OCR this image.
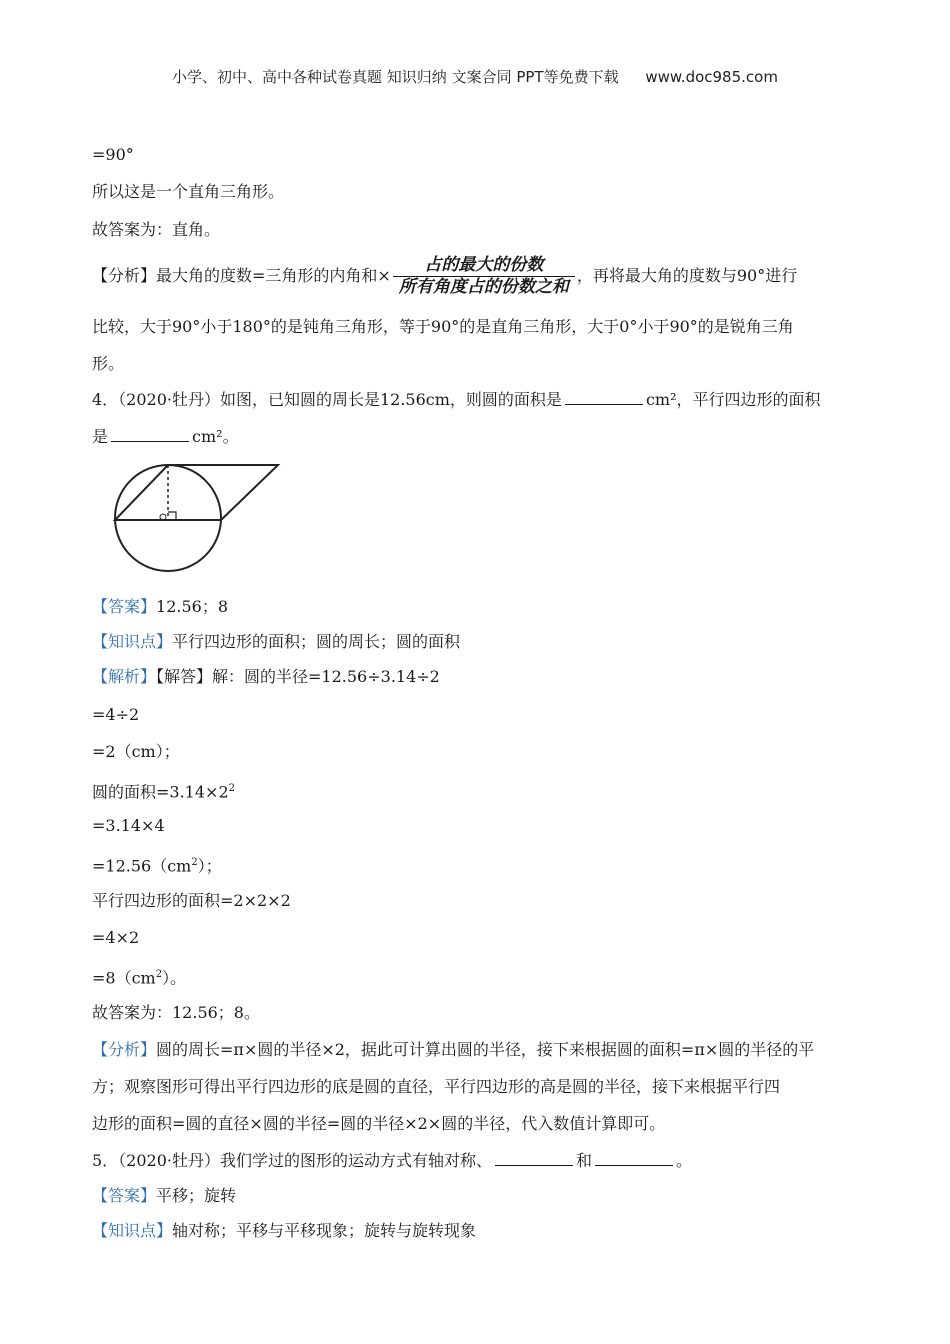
小学、初中、高中各种试卷真题 知识归纳 文案合同 PPT等免费下载 www.doc985.com
=90°
所以这是一个直角三角形。
故答案为：直角。
【分析】最大角的度数=三角形的内角和× $\frac{\text{占的最大的份数}}{\text{所有角度占的份数之和}}$ ，再将最大角的度数与90°进行
比较，大于90°小于180°的是钝角三角形，等于90°的是直角三角形，大于0°小于90°的是锐角三角
形。
4．（2020·牡丹）如图，已知圆的周长是12.56cm，则圆的面积是	cm²，平行四边形的面积
是	cm²。
【答案】12.56；8
【知识点】平行四边形的面积；圆的周长；圆的面积
【解析】【解答】解：圆的半径=12.56÷3.14÷2
=4÷2
=2（cm）；
圆的面积$=3.14\times 2^2$
=3.14×4
$=12.56(cm^2)$；
平行四边形的面积=2×2×2
=4×2
$=8(cm^2)$。
故答案为：12.56；8。
【分析】圆的周长=π×圆的半径×2，据此可计算出圆的半径，接下来根据圆的面积=π×圆的半径的平
方；观察图形可得出平行四边形的底是圆的直径，平行四边形的高是圆的半径，接下来根据平行四
边形的面积=圆的直径×圆的半径=圆的半径×2×圆的半径，代入数值计算即可。
5．（2020·牡丹）我们学过的图形的运动方式有轴对称、	和	。
【答案】平移；旋转
【知识点】轴对称；平移与平移现象；旋转与旋转现象
